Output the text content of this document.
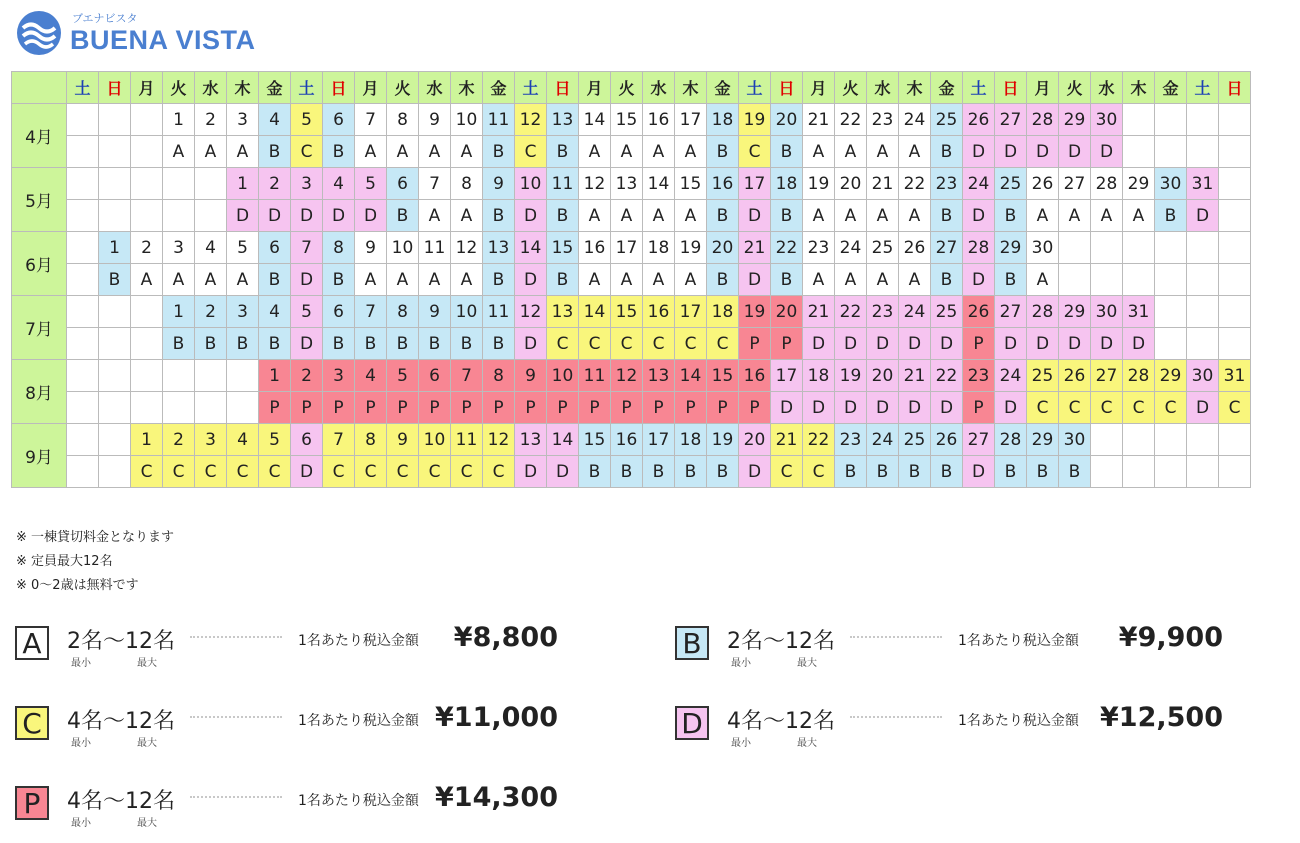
ブエナビスタ
BUENA VISTA
	土	日	月	火	水	木	金	土	日	月	火	水	木	金	土	日	月	火	水	木	金	土	日	月	火	水	木	金	土	日	月	火	水	木	金	土	日
4月				1	2	3	4	5	6	7	8	9	10	11	12	13	14	15	16	17	18	19	20	21	22	23	24	25	26	27	28	29	30				
				A	A	A	B	C	B	A	A	A	A	B	C	B	A	A	A	A	B	C	B	A	A	A	A	B	D	D	D	D	D				
5月						1	2	3	4	5	6	7	8	9	10	11	12	13	14	15	16	17	18	19	20	21	22	23	24	25	26	27	28	29	30	31	
						D	D	D	D	D	B	A	A	B	D	B	A	A	A	A	B	D	B	A	A	A	A	B	D	B	A	A	A	A	B	D	
6月		1	2	3	4	5	6	7	8	9	10	11	12	13	14	15	16	17	18	19	20	21	22	23	24	25	26	27	28	29	30						
		B	A	A	A	A	B	D	B	A	A	A	A	B	D	B	A	A	A	A	B	D	B	A	A	A	A	B	D	B	A						
7月				1	2	3	4	5	6	7	8	9	10	11	12	13	14	15	16	17	18	19	20	21	22	23	24	25	26	27	28	29	30	31			
				B	B	B	B	D	B	B	B	B	B	B	D	C	C	C	C	C	C	P	P	D	D	D	D	D	P	D	D	D	D	D			
8月							1	2	3	4	5	6	7	8	9	10	11	12	13	14	15	16	17	18	19	20	21	22	23	24	25	26	27	28	29	30	31
							P	P	P	P	P	P	P	P	P	P	P	P	P	P	P	P	D	D	D	D	D	D	P	D	C	C	C	C	C	D	C
9月			1	2	3	4	5	6	7	8	9	10	11	12	13	14	15	16	17	18	19	20	21	22	23	24	25	26	27	28	29	30					
			C	C	C	C	C	D	C	C	C	C	C	C	D	D	B	B	B	B	B	D	C	C	B	B	B	B	D	B	B	B					
※ 一棟貸切料金となります
※ 定員最大12名
※ 0〜2歳は無料です
A	2名〜12名
最小	最大
1名あたり税込金額	¥8,800	B	2名〜12名
最小	最大
1名あたり税込金額	¥9,900
C	4名〜12名
最小	最大
1名あたり税込金額 ¥11,000	D 4名〜12名
最小	最大
1名あたり税込金額 ¥12,500
P	4名〜12名
最小	最大
1名あたり税込金額 ¥14,300
